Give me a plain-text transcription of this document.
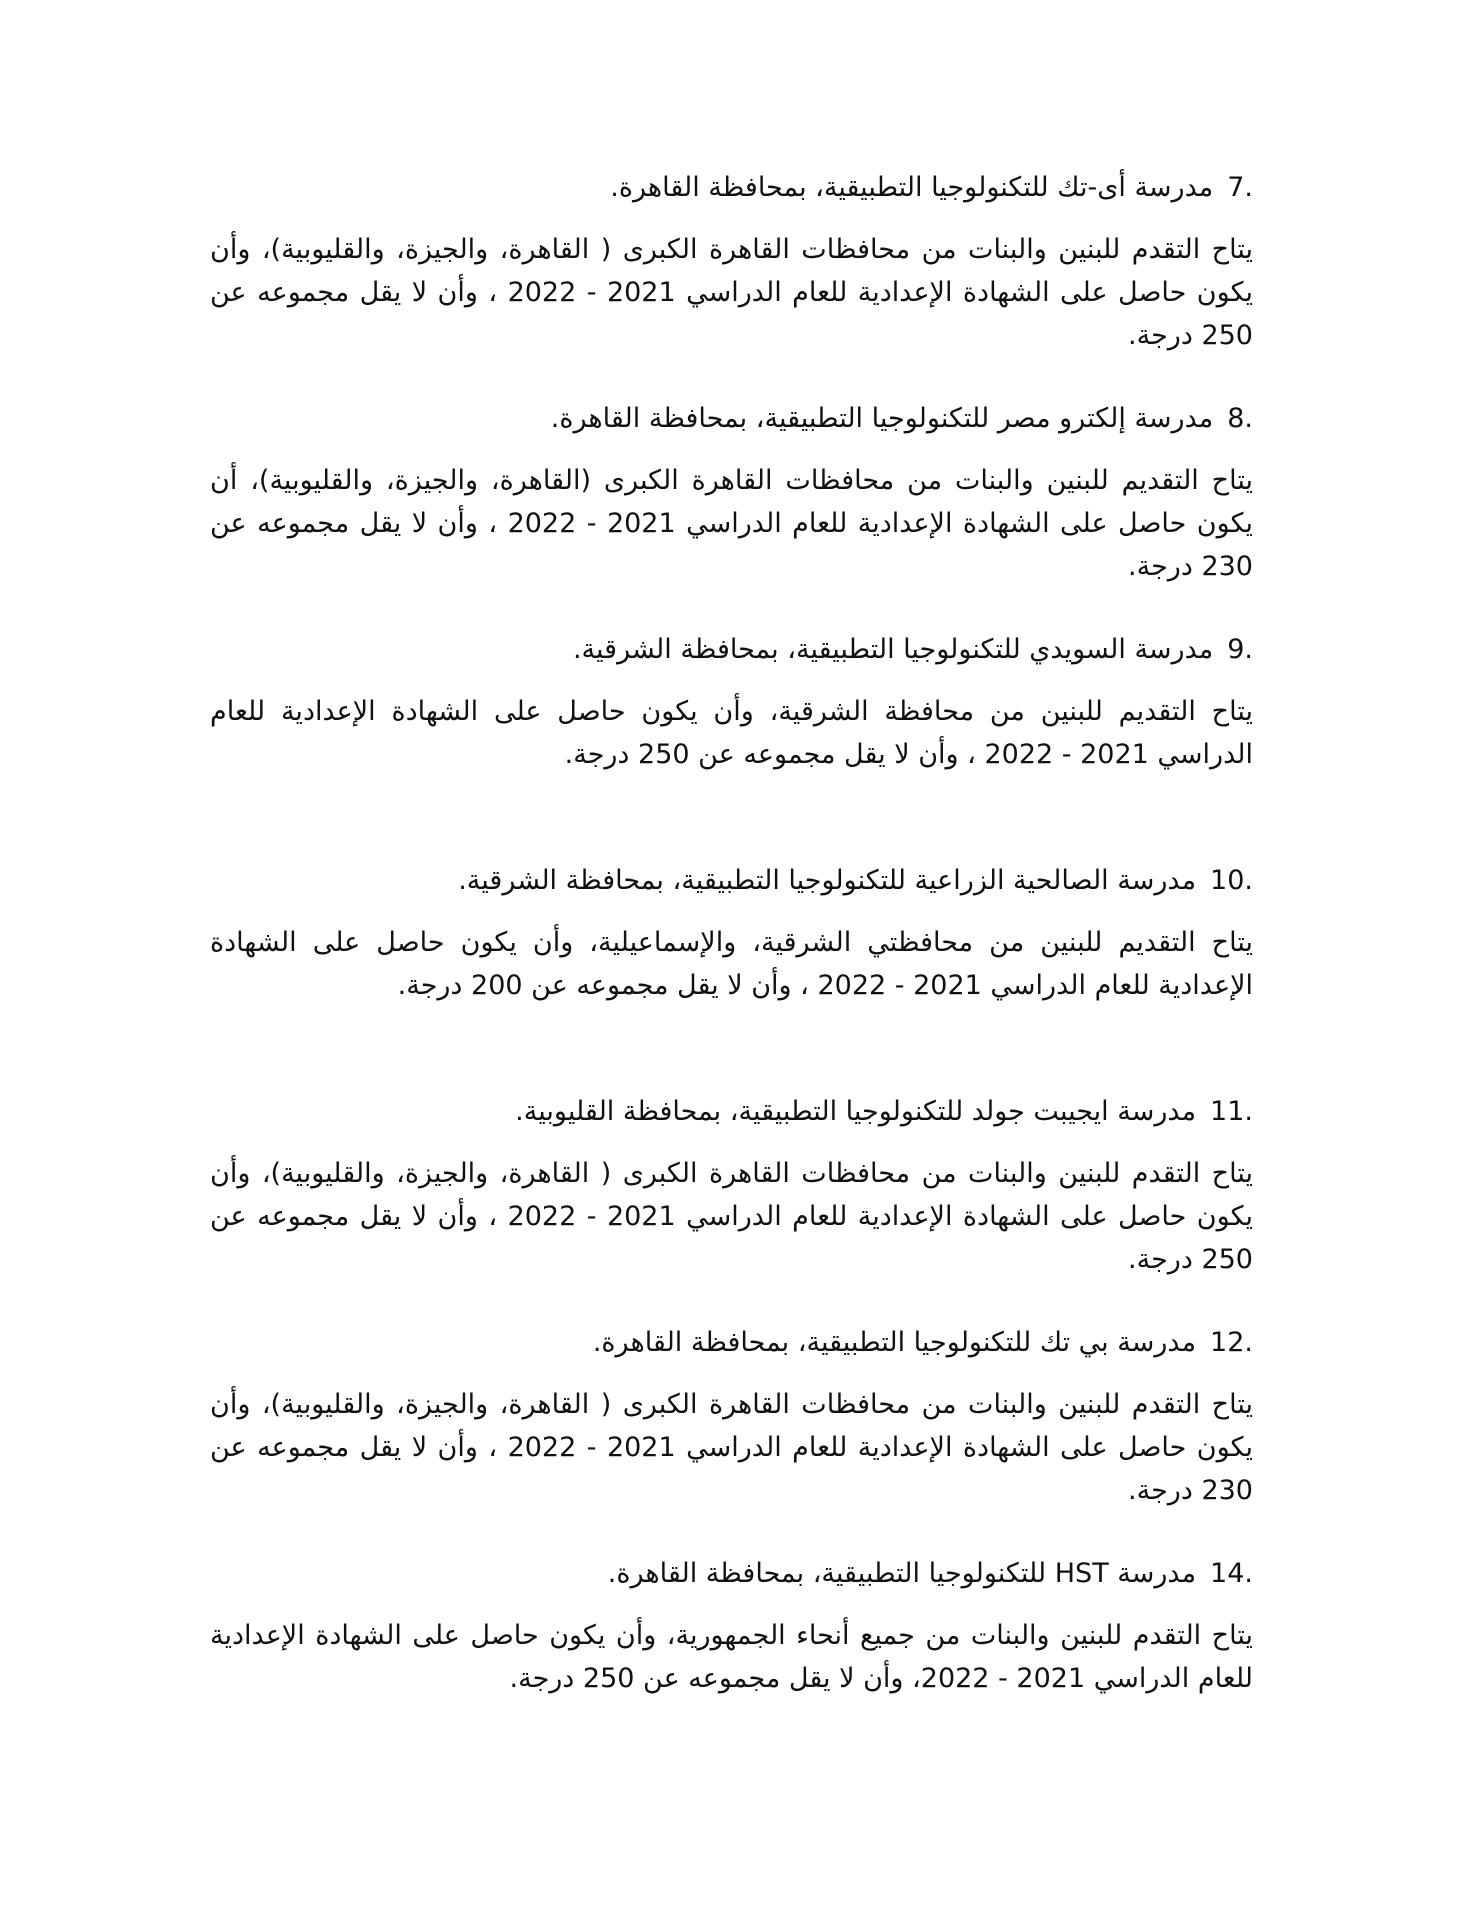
7.مدرسة أى-تك للتكنولوجيا التطبيقية، بمحافظة القاهرة.

يتاح التقدم للبنين والبنات من محافظات القاهرة الكبرى ( القاهرة، والجيزة، والقليوبية)، وأن يكون حاصل على الشهادة الإعدادية للعام الدراسي 2021 - 2022 ، وأن لا يقل مجموعه عن 250 درجة.

8.مدرسة إلكترو مصر للتكنولوجيا التطبيقية، بمحافظة القاهرة.

يتاح التقديم للبنين والبنات من محافظات القاهرة الكبرى (القاهرة، والجيزة، والقليوبية)، أن يكون حاصل على الشهادة الإعدادية للعام الدراسي 2021 - 2022 ، وأن لا يقل مجموعه عن 230 درجة.

9.مدرسة السويدي للتكنولوجيا التطبيقية، بمحافظة الشرقية.

يتاح التقديم للبنين من محافظة الشرقية، وأن يكون حاصل على الشهادة الإعدادية للعام الدراسي 2021 - 2022 ، وأن لا يقل مجموعه عن 250 درجة.

10.مدرسة الصالحية الزراعية للتكنولوجيا التطبيقية، بمحافظة الشرقية.

يتاح التقديم للبنين من محافظتي الشرقية، والإسماعيلية، وأن يكون حاصل على الشهادة الإعدادية للعام الدراسي 2021 - 2022 ، وأن لا يقل مجموعه عن 200 درجة.

11.مدرسة ايجيبت جولد للتكنولوجيا التطبيقية، بمحافظة القليوبية.

يتاح التقدم للبنين والبنات من محافظات القاهرة الكبرى ( القاهرة، والجيزة، والقليوبية)، وأن يكون حاصل على الشهادة الإعدادية للعام الدراسي 2021 - 2022 ، وأن لا يقل مجموعه عن 250 درجة.

12.مدرسة بي تك للتكنولوجيا التطبيقية، بمحافظة القاهرة.

يتاح التقدم للبنين والبنات من محافظات القاهرة الكبرى ( القاهرة، والجيزة، والقليوبية)، وأن يكون حاصل على الشهادة الإعدادية للعام الدراسي 2021 - 2022 ، وأن لا يقل مجموعه عن 230 درجة.

14.مدرسة HST للتكنولوجيا التطبيقية، بمحافظة القاهرة.

يتاح التقدم للبنين والبنات من جميع أنحاء الجمهورية، وأن يكون حاصل على الشهادة الإعدادية للعام الدراسي 2021 - 2022، وأن لا يقل مجموعه عن 250 درجة.
